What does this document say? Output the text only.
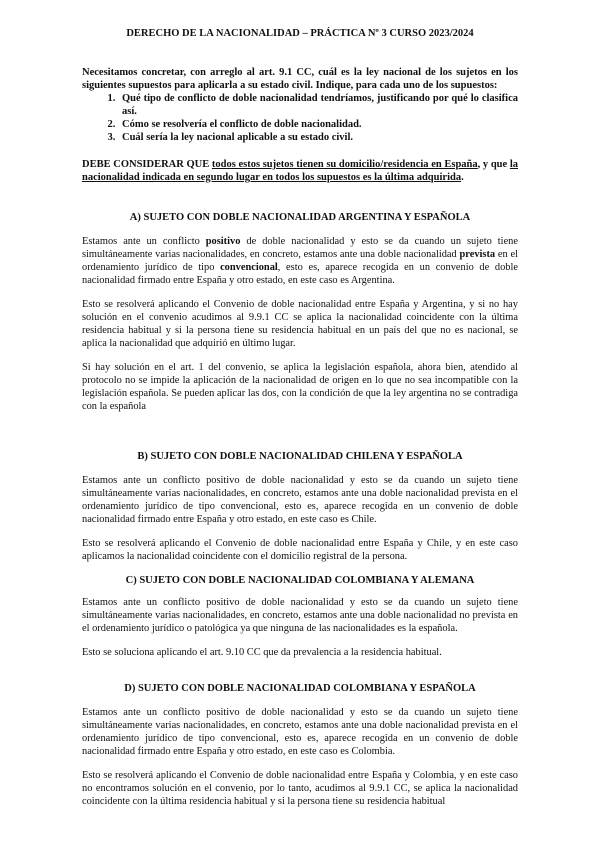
DERECHO DE LA NACIONALIDAD – PRÁCTICA Nº 3 CURSO 2023/2024
Necesitamos concretar, con arreglo al art. 9.1 CC, cuál es la ley nacional de los sujetos en los siguientes supuestos para aplicarla a su estado civil. Indique, para cada uno de los supuestos:
1. Qué tipo de conflicto de doble nacionalidad tendríamos, justificando por qué lo clasifica así.
2. Cómo se resolvería el conflicto de doble nacionalidad.
3. Cuál sería la ley nacional aplicable a su estado civil.
DEBE CONSIDERAR QUE todos estos sujetos tienen su domicilio/residencia en España, y que la nacionalidad indicada en segundo lugar en todos los supuestos es la última adquirida.
A) SUJETO CON DOBLE NACIONALIDAD ARGENTINA Y ESPAÑOLA

Estamos ante un conflicto positivo de doble nacionalidad y esto se da cuando un sujeto tiene simultáneamente varias nacionalidades, en concreto, estamos ante una doble nacionalidad prevista en el ordenamiento jurídico de tipo convencional, esto es, aparece recogida en un convenio de doble nacionalidad firmado entre España y otro estado, en este caso es Argentina.

Esto se resolverá aplicando el Convenio de doble nacionalidad entre España y Argentina, y si no hay solución en el convenio acudimos al 9.9.1 CC se aplica la nacionalidad coincidente con la última residencia habitual y si la persona tiene su residencia habitual en un país del que no es nacional, se aplica la nacionalidad que adquirió en último lugar.

Si hay solución en el art. 1 del convenio, se aplica la legislación española, ahora bien, atendido al protocolo no se impide la aplicación de la nacionalidad de origen en lo que no sea incompatible con la legislación española. Se pueden aplicar las dos, con la condición de que la ley argentina no se contradiga con la española

B) SUJETO CON DOBLE NACIONALIDAD CHILENA Y ESPAÑOLA

Estamos ante un conflicto positivo de doble nacionalidad y esto se da cuando un sujeto tiene simultáneamente varias nacionalidades, en concreto, estamos ante una doble nacionalidad prevista en el ordenamiento jurídico de tipo convencional, esto es, aparece recogida en un convenio de doble nacionalidad firmado entre España y otro estado, en este caso es Chile.

Esto se resolverá aplicando el Convenio de doble nacionalidad entre España y Chile, y en este caso aplicamos la nacionalidad coincidente con el domicilio registral de la persona.

C) SUJETO CON DOBLE NACIONALIDAD COLOMBIANA Y ALEMANA

Estamos ante un conflicto positivo de doble nacionalidad y esto se da cuando un sujeto tiene simultáneamente varias nacionalidades, en concreto, estamos ante una doble nacionalidad no prevista en el ordenamiento jurídico o patológica ya que ninguna de las nacionalidades es la española.

Esto se soluciona aplicando el art. 9.10 CC que da prevalencia a la residencia habitual.

D) SUJETO CON DOBLE NACIONALIDAD COLOMBIANA Y ESPAÑOLA

Estamos ante un conflicto positivo de doble nacionalidad y esto se da cuando un sujeto tiene simultáneamente varias nacionalidades, en concreto, estamos ante una doble nacionalidad prevista en el ordenamiento jurídico de tipo convencional, esto es, aparece recogida en un convenio de doble nacionalidad firmado entre España y otro estado, en este caso es Colombia.

Esto se resolverá aplicando el Convenio de doble nacionalidad entre España y Colombia, y en este caso no encontramos solución en el convenio, por lo tanto, acudimos al 9.9.1 CC, se aplica la nacionalidad coincidente con la última residencia habitual y si la persona tiene su residencia habitual
